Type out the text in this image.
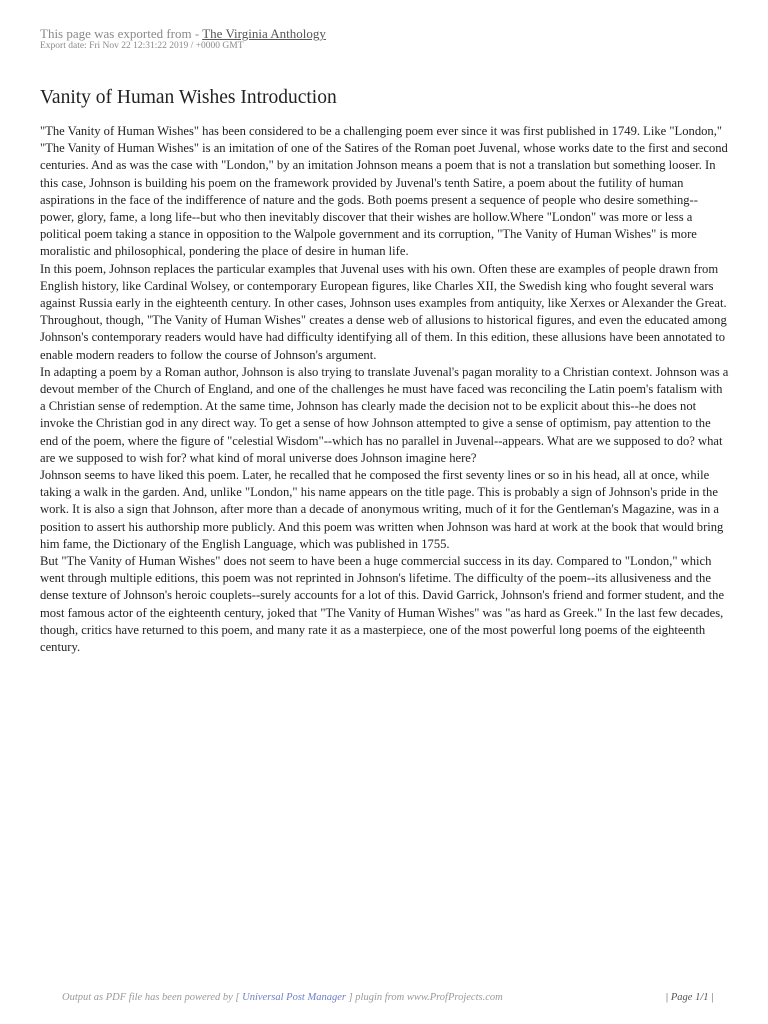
This page was exported from - The Virginia Anthology
Export date: Fri Nov 22 12:31:22 2019 / +0000 GMT
Vanity of Human Wishes Introduction

"The Vanity of Human Wishes" has been considered to be a challenging poem ever since it was first published in 1749. Like "London," "The Vanity of Human Wishes" is an imitation of one of the Satires of the Roman poet Juvenal, whose works date to the first and second centuries. And as was the case with "London," by an imitation Johnson means a poem that is not a translation but something looser. In this case, Johnson is building his poem on the framework provided by Juvenal's tenth Satire, a poem about the futility of human aspirations in the face of the indifference of nature and the gods. Both poems present a sequence of people who desire something--power, glory, fame, a long life--but who then inevitably discover that their wishes are hollow.Where "London" was more or less a political poem taking a stance in opposition to the Walpole government and its corruption, "The Vanity of Human Wishes" is more moralistic and philosophical, pondering the place of desire in human life.

In this poem, Johnson replaces the particular examples that Juvenal uses with his own. Often these are examples of people drawn from English history, like Cardinal Wolsey, or contemporary European figures, like Charles XII, the Swedish king who fought several wars against Russia early in the eighteenth century. In other cases, Johnson uses examples from antiquity, like Xerxes or Alexander the Great. Throughout, though, "The Vanity of Human Wishes" creates a dense web of allusions to historical figures, and even the educated among Johnson's contemporary readers would have had difficulty identifying all of them. In this edition, these allusions have been annotated to enable modern readers to follow the course of Johnson's argument.

In adapting a poem by a Roman author, Johnson is also trying to translate Juvenal's pagan morality to a Christian context. Johnson was a devout member of the Church of England, and one of the challenges he must have faced was reconciling the Latin poem's fatalism with a Christian sense of redemption. At the same time, Johnson has clearly made the decision not to be explicit about this--he does not invoke the Christian god in any direct way. To get a sense of how Johnson attempted to give a sense of optimism, pay attention to the end of the poem, where the figure of "celestial Wisdom"--which has no parallel in Juvenal--appears. What are we supposed to do? what are we supposed to wish for? what kind of moral universe does Johnson imagine here?

Johnson seems to have liked this poem. Later, he recalled that he composed the first seventy lines or so in his head, all at once, while taking a walk in the garden. And, unlike "London," his name appears on the title page. This is probably a sign of Johnson's pride in the work. It is also a sign that Johnson, after more than a decade of anonymous writing, much of it for the Gentleman's Magazine, was in a position to assert his authorship more publicly. And this poem was written when Johnson was hard at work at the book that would bring him fame, the Dictionary of the English Language, which was published in 1755.

But "The Vanity of Human Wishes" does not seem to have been a huge commercial success in its day. Compared to "London," which went through multiple editions, this poem was not reprinted in Johnson's lifetime. The difficulty of the poem--its allusiveness and the dense texture of Johnson's heroic couplets--surely accounts for a lot of this. David Garrick, Johnson's friend and former student, and the most famous actor of the eighteenth century, joked that "The Vanity of Human Wishes" was "as hard as Greek." In the last few decades, though, critics have returned to this poem, and many rate it as a masterpiece, one of the most powerful long poems of the eighteenth century.

Output as PDF file has been powered by [ Universal Post Manager ] plugin from www.ProfProjects.com	| Page 1/1 |
